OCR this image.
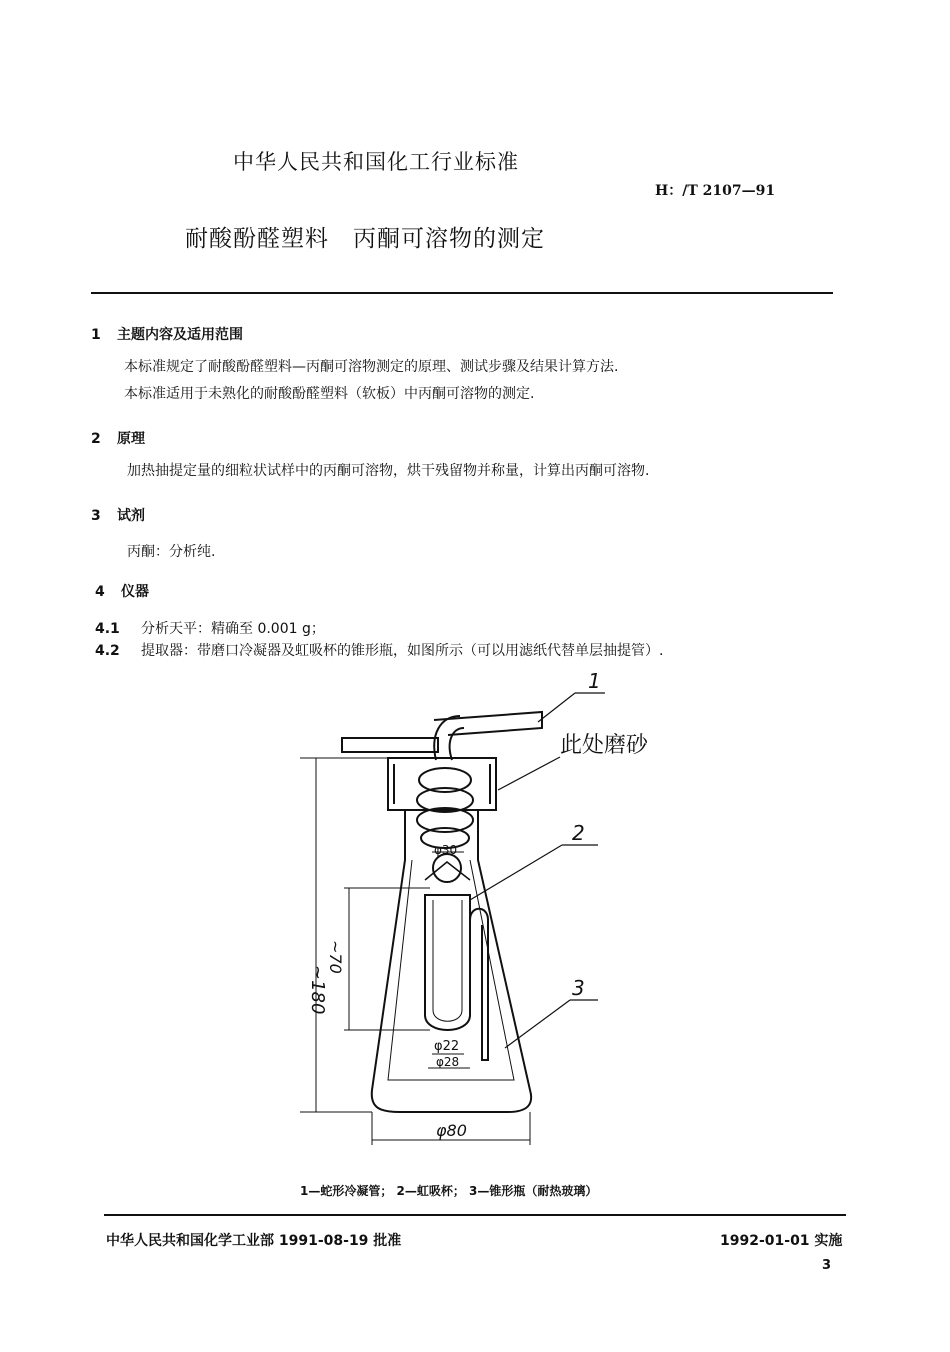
中华人民共和国化工行业标准
H：/T 2107—91
耐酸酚醛塑料　丙酮可溶物的测定
1 主题内容及适用范围
本标准规定了耐酸酚醛塑料—丙酮可溶物测定的原理、测试步骤及结果计算方法.
本标准适用于未熟化的耐酸酚醛塑料（软板）中丙酮可溶物的测定.
2 原理
加热抽提定量的细粒状试样中的丙酮可溶物，烘干残留物并称量，计算出丙酮可溶物.
3 试剂
丙酮：分析纯.
4 仪器
4.1 分析天平：精确至 0.001 g；
4.2 提取器：带磨口冷凝器及虹吸杯的锥形瓶，如图所示（可以用滤纸代替单层抽提管）.
1
此处磨砂
2
3
φ30
φ22
φ28
φ80
~180
~70
1—蛇形冷凝管； 2—虹吸杯； 3—锥形瓶（耐热玻璃）
中华人民共和国化学工业部 1991-08-19 批准	1992-01-01 实施
3
